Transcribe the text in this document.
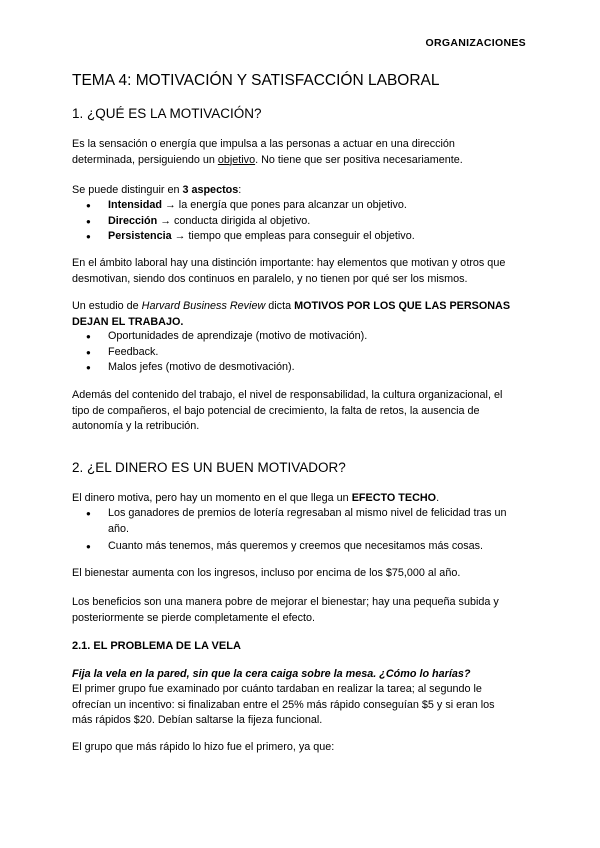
ORGANIZACIONES
TEMA 4: MOTIVACIÓN Y SATISFACCIÓN LABORAL
1. ¿QUÉ ES LA MOTIVACIÓN?
Es la sensación o energía que impulsa a las personas a actuar en una dirección
determinada, persiguiendo un objetivo. No tiene que ser positiva necesariamente.
Se puede distinguir en 3 aspectos:
● Intensidad → la energía que pones para alcanzar un objetivo.
● Dirección → conducta dirigida al objetivo.
● Persistencia → tiempo que empleas para conseguir el objetivo.
En el ámbito laboral hay una distinción importante: hay elementos que motivan y otros que
desmotivan, siendo dos continuos en paralelo, y no tienen por qué ser los mismos.
Un estudio de Harvard Business Review dicta MOTIVOS POR LOS QUE LAS PERSONAS
DEJAN EL TRABAJO.
● Oportunidades de aprendizaje (motivo de motivación).
● Feedback.
● Malos jefes (motivo de desmotivación).
Además del contenido del trabajo, el nivel de responsabilidad, la cultura organizacional, el
tipo de compañeros, el bajo potencial de crecimiento, la falta de retos, la ausencia de
autonomía y la retribución.
2. ¿EL DINERO ES UN BUEN MOTIVADOR?
El dinero motiva, pero hay un momento en el que llega un EFECTO TECHO.
● Los ganadores de premios de lotería regresaban al mismo nivel de felicidad tras un
año.
● Cuanto más tenemos, más queremos y creemos que necesitamos más cosas.
El bienestar aumenta con los ingresos, incluso por encima de los $75,000 al año.
Los beneficios son una manera pobre de mejorar el bienestar; hay una pequeña subida y
posteriormente se pierde completamente el efecto.
2.1. EL PROBLEMA DE LA VELA
Fija la vela en la pared, sin que la cera caiga sobre la mesa. ¿Cómo lo harías?
El primer grupo fue examinado por cuánto tardaban en realizar la tarea; al segundo le
ofrecían un incentivo: si finalizaban entre el 25% más rápido conseguían $5 y si eran los
más rápidos $20. Debían saltarse la fijeza funcional.
El grupo que más rápido lo hizo fue el primero, ya que:
